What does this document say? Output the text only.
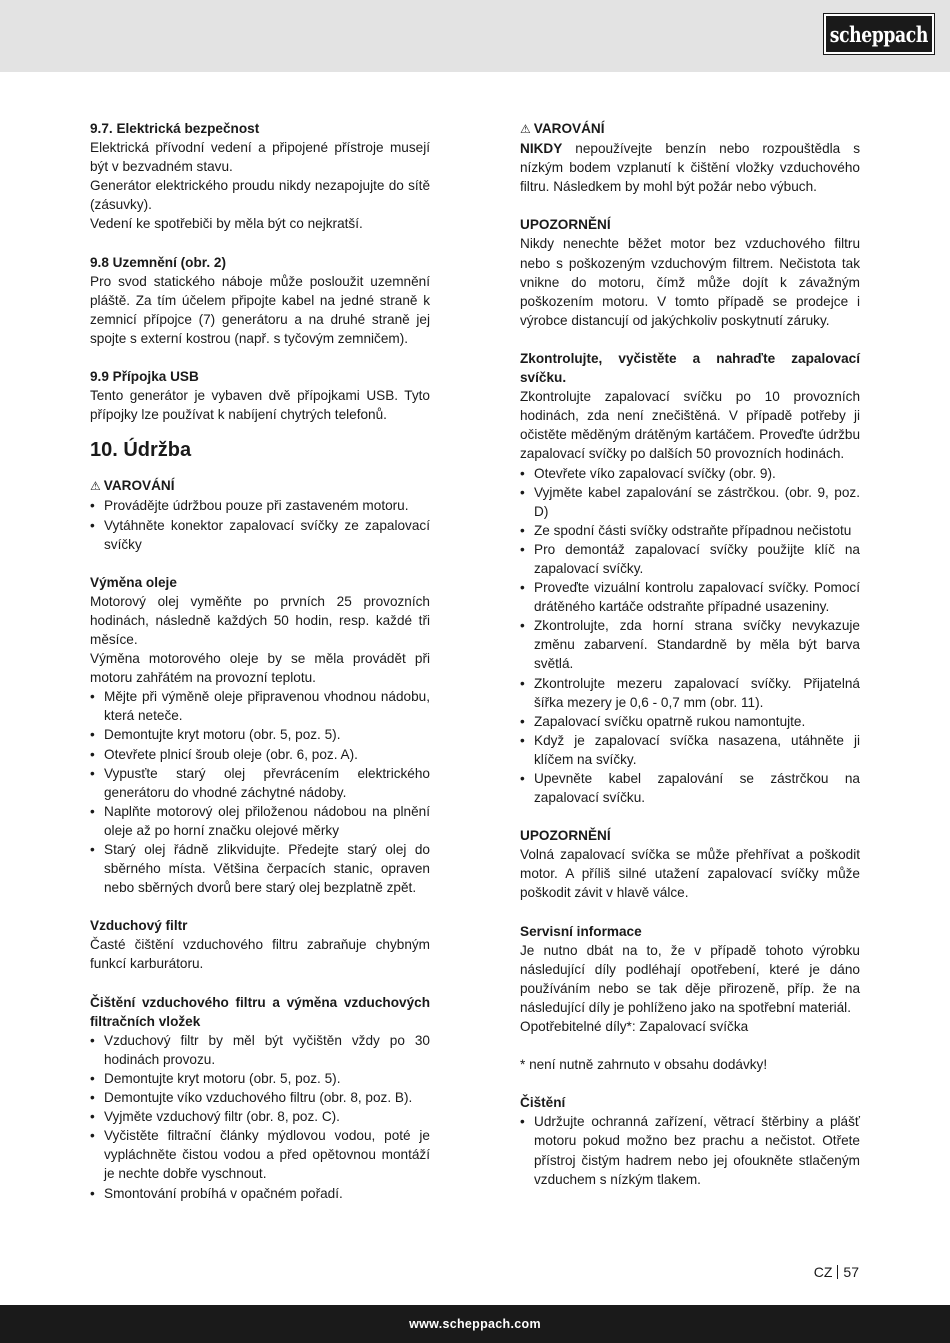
scheppach
9.7. Elektrická bezpečnost
Elektrická přívodní vedení a připojené přístroje musejí být v bezvadném stavu.
Generátor elektrického proudu nikdy nezapojujte do sítě (zásuvky).
Vedení ke spotřebiči by měla být co nejkratší.
9.8 Uzemnění (obr. 2)
Pro svod statického náboje může posloužit uzemnění pláště. Za tím účelem připojte kabel na jedné straně k zemnicí přípojce (7) generátoru a na druhé straně jej spojte s externí kostrou (např. s tyčovým zemničem).
9.9 Přípojka USB
Tento generátor je vybaven dvě přípojkami USB. Tyto přípojky lze používat k nabíjení chytrých telefonů.
10. Údržba
⚠ VAROVÁNÍ
• Provádějte údržbou pouze při zastaveném motoru.
• Vytáhněte konektor zapalovací svíčky ze zapalovací svíčky
Výměna oleje
Motorový olej vyměňte po prvních 25 provozních hodinách, následně každých 50 hodin, resp. každé tři měsíce.
Výměna motorového oleje by se měla provádět při motoru zahřátém na provozní teplotu.
• Mějte při výměně oleje připravenou vhodnou nádobu, která neteče.
• Demontujte kryt motoru (obr. 5, poz. 5).
• Otevřete plnicí šroub oleje (obr. 6, poz. A).
• Vypusťte starý olej převrácením elektrického generátoru do vhodné záchytné nádoby.
• Naplňte motorový olej přiloženou nádobou na plnění oleje až po horní značku olejové měrky
• Starý olej řádně zlikvidujte. Předejte starý olej do sběrného místa. Většina čerpacích stanic, opraven nebo sběrných dvorů bere starý olej bezplatně zpět.
Vzduchový filtr
Časté čištění vzduchového filtru zabraňuje chybným funkcí karburátoru.
Čištění vzduchového filtru a výměna vzduchových filtračních vložek
• Vzduchový filtr by měl být vyčištěn vždy po 30 hodinách provozu.
• Demontujte kryt motoru (obr. 5, poz. 5).
• Demontujte víko vzduchového filtru (obr. 8, poz. B).
• Vyjměte vzduchový filtr (obr. 8, poz. C).
• Vyčistěte filtrační články mýdlovou vodou, poté je vypláchněte čistou vodou a před opětovnou montáží je nechte dobře vyschnout.
• Smontování probíhá v opačném pořadí.
⚠ VAROVÁNÍ
NIKDY nepoužívejte benzín nebo rozpouštědla s nízkým bodem vzplanutí k čištění vložky vzduchového filtru. Následkem by mohl být požár nebo výbuch.
UPOZORNĚNÍ
Nikdy nenechte běžet motor bez vzduchového filtru nebo s poškozeným vzduchovým filtrem. Nečistota tak vnikne do motoru, čímž může dojít k závažným poškozením motoru. V tomto případě se prodejce i výrobce distancují od jakýchkoliv poskytnutí záruky.
Zkontrolujte, vyčistěte a nahraďte zapalovací svíčku.
Zkontrolujte zapalovací svíčku po 10 provozních hodinách, zda není znečištěná. V případě potřeby ji očistěte měděným drátěným kartáčem. Proveďte údržbu zapalovací svíčky po dalších 50 provozních hodinách.
• Otevřete víko zapalovací svíčky (obr. 9).
• Vyjměte kabel zapalování se zástrčkou. (obr. 9, poz. D)
• Ze spodní části svíčky odstraňte případnou nečistotu
• Pro demontáž zapalovací svíčky použijte klíč na zapalovací svíčky.
• Proveďte vizuální kontrolu zapalovací svíčky. Pomocí drátěného kartáče odstraňte případné usazeniny.
• Zkontrolujte, zda horní strana svíčky nevykazuje změnu zabarvení. Standardně by měla být barva světlá.
• Zkontrolujte mezeru zapalovací svíčky. Přijatelná šířka mezery je 0,6 - 0,7 mm (obr. 11).
• Zapalovací svíčku opatrně rukou namontujte.
• Když je zapalovací svíčka nasazena, utáhněte ji klíčem na svíčky.
• Upevněte kabel zapalování se zástrčkou na zapalovací svíčku.
UPOZORNĚNÍ
Volná zapalovací svíčka se může přehřívat a poškodit motor. A příliš silné utažení zapalovací svíčky může poškodit závit v hlavě válce.
Servisní informace
Je nutno dbát na to, že v případě tohoto výrobku následující díly podléhají opotřebení, které je dáno používáním nebo se tak děje přirozeně, příp. že na následující díly je pohlíženo jako na spotřební materiál.
Opotřebitelné díly*: Zapalovací svíčka
* není nutně zahrnuto v obsahu dodávky!
Čištění
• Udržujte ochranná zařízení, větrací štěrbiny a plášť motoru pokud možno bez prachu a nečistot. Otřete přístroj čistým hadrem nebo jej ofoukněte stlačeným vzduchem s nízkým tlakem.
CZ 57
www.scheppach.com
